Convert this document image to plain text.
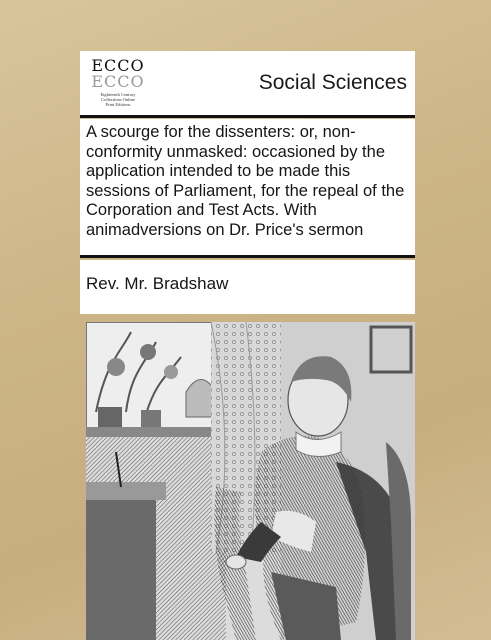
ECCO
ECCO
Eighteenth Century
Collections Online
Print Editions
Social Sciences
A scourge for the dissenters: or, non-conformity unmasked: occasioned by the application intended to be made this sessions of Parliament, for the repeal of the Corporation and Test Acts. With animadversions on Dr. Price's sermon
Rev. Mr. Bradshaw
